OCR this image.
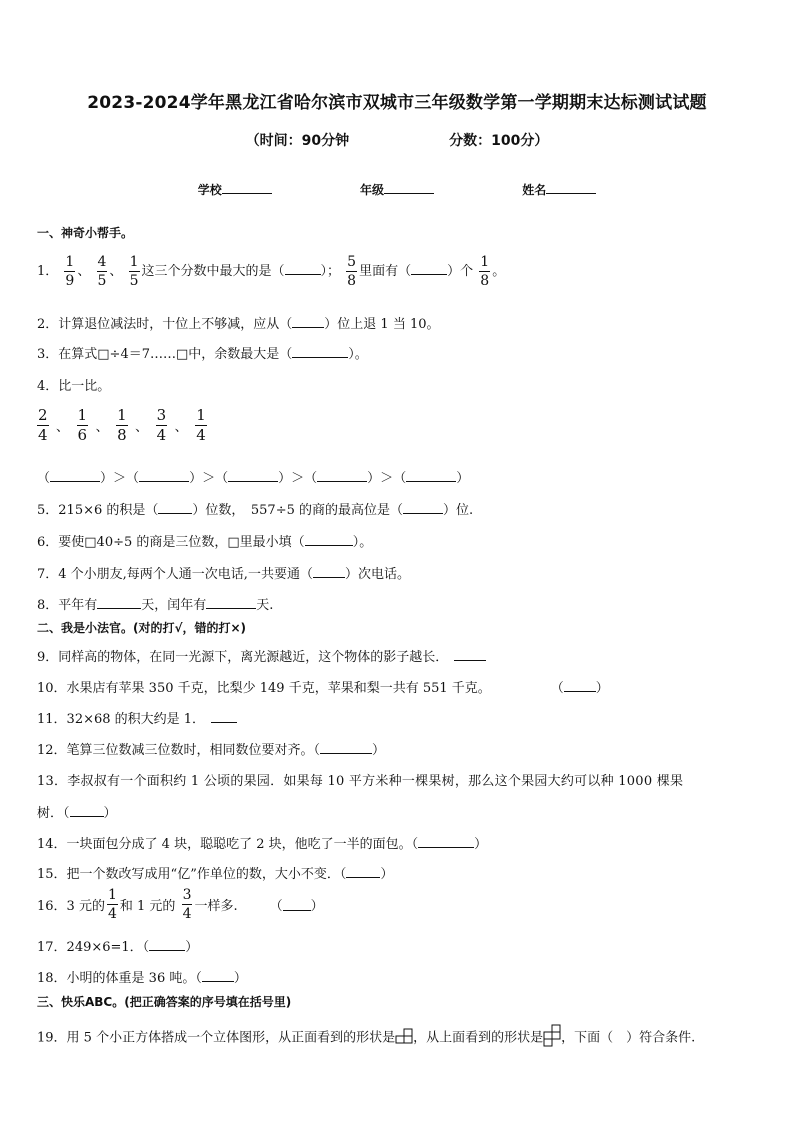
2023-2024学年黑龙江省哈尔滨市双城市三年级数学第一学期期末达标测试试题
（时间：90分钟	分数：100分）
学校	年级	姓名
一、神奇小帮手。
1． $\frac{1}{9}$ 、 $\frac{4}{5}$ 、 $\frac{1}{5}$ 这三个分数中最大的是（	）； $\frac{5}{8}$ 里面有（	）个 $\frac{1}{8}$ 。
2．计算退位减法时，十位上不够减，应从（ ）位上退 1 当 10。
3．在算式□÷4＝7……□中，余数最大是（	）。
4．比一比。
$\frac{2}{4}$ 、 $\frac{1}{6}$ 、 $\frac{1}{8}$ 、 $\frac{3}{4}$ 、 $\frac{1}{4}$
（	）＞（	）＞（	）＞（	）＞（	）
5．215×6 的积是（	）位数，　557÷5 的商的最高位是（	）位.
6．要使□40÷5 的商是三位数，□里最小填（	）。
7．4 个小朋友,每两个人通一次电话,一共要通（ ）次电话。
8．平年有	天，闰年有	天.
二、我是小法官。(对的打√，错的打×)
9．同样高的物体，在同一光源下，离光源越近，这个物体的影子越长．
10．水果店有苹果 350 千克，比梨少 149 千克，苹果和梨一共有 551 千克。	（ ）
11．32×68 的积大约是 1．
12．笔算三位数减三位数时，相同数位要对齐。（	）
13．李叔叔有一个面积约 1 公顷的果园．如果每 10 平方米种一棵果树，那么这个果园大约可以种 1000 棵果
树．（	）
14．一块面包分成了 4 块，聪聪吃了 2 块，他吃了一半的面包。（	）
15．把一个数改写成用“亿”作单位的数，大小不变．（	）
16．3 元的 $\frac{1}{4}$ 和 1 元的 $\frac{3}{4}$ 一样多. （ ）
17．249×6=1．（	）
18．小明的体重是 36 吨。（ ）
三、快乐ABC。(把正确答案的序号填在括号里)
19．用 5 个小正方体搭成一个立体图形，从正面看到的形状是 ，从上面看到的形状是 ，下面（　）符合条件.
